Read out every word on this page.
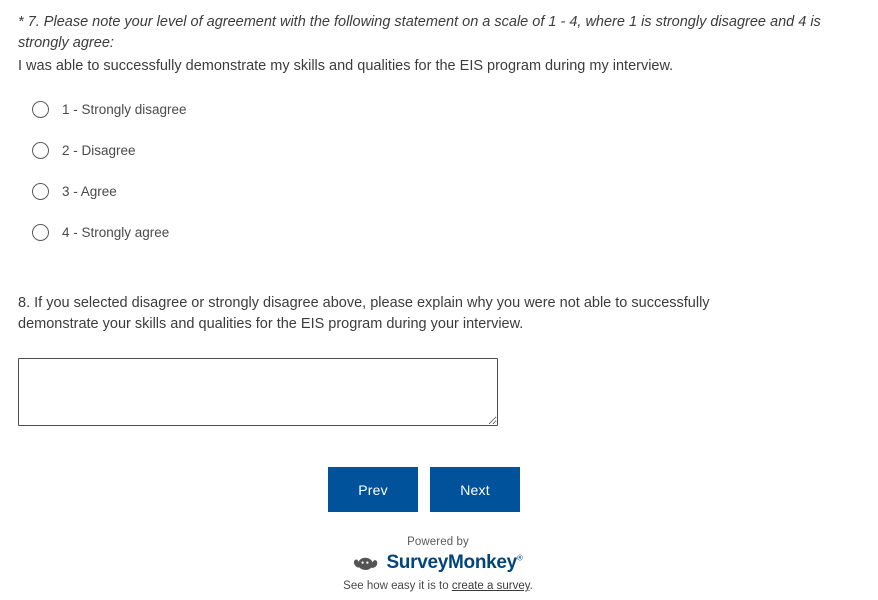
* 7. Please note your level of agreement with the following statement on a scale of 1 - 4, where 1 is strongly disagree and 4 is strongly agree:
I was able to successfully demonstrate my skills and qualities for the EIS program during my interview.
1 - Strongly disagree
2 - Disagree
3 - Agree
4 - Strongly agree
8. If you selected disagree or strongly disagree above, please explain why you were not able to successfully demonstrate your skills and qualities for the EIS program during your interview.
Prev	Next
Powered by
SurveyMonkey®
See how easy it is to create a survey.
